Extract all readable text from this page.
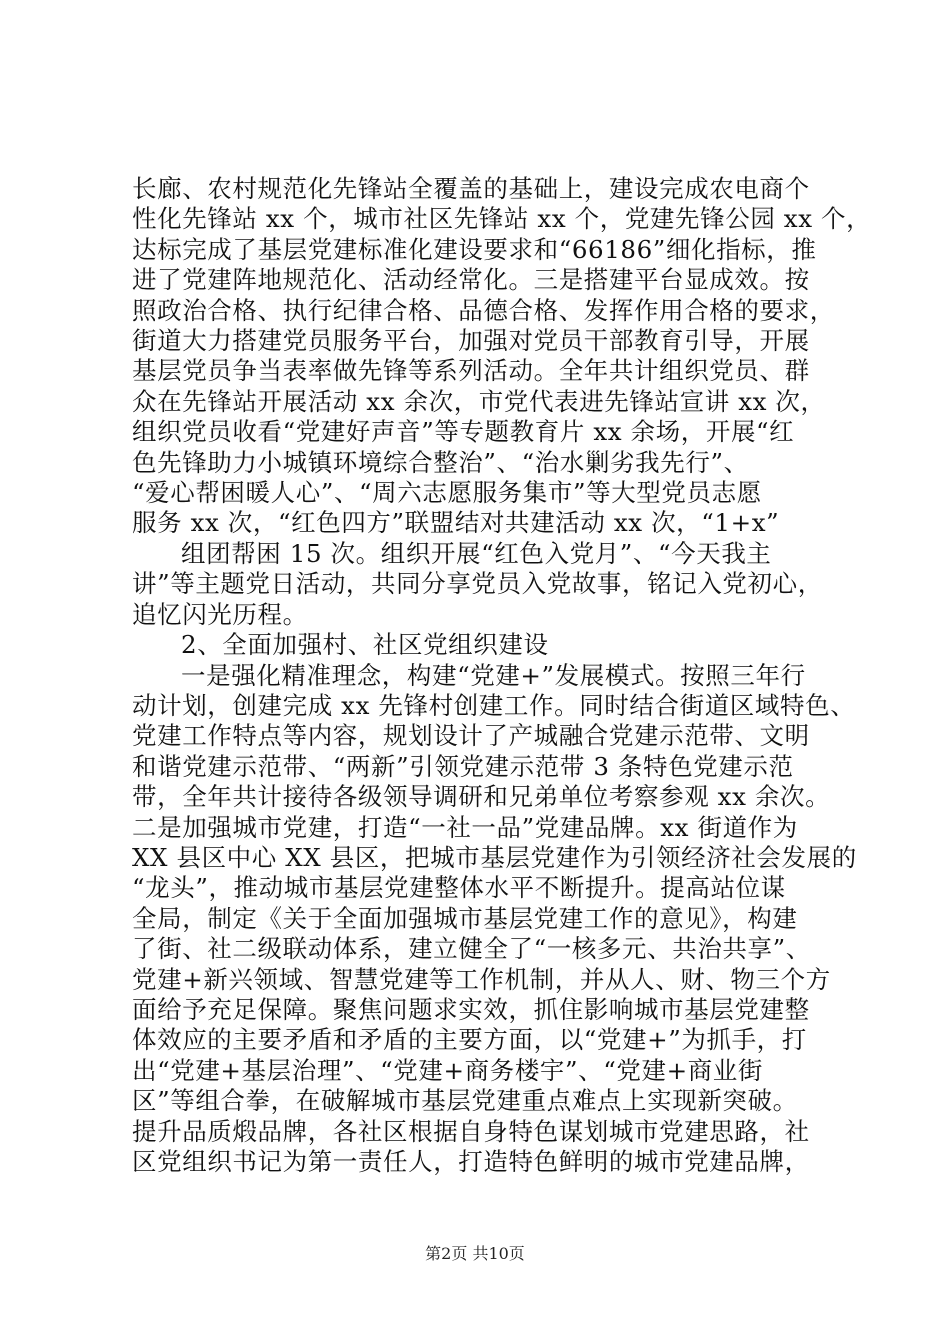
长廊、农村规范化先锋站全覆盖的基础上，建设完成农电商个
性化先锋站 xx 个，城市社区先锋站 xx 个，党建先锋公园 xx 个，
达标完成了基层党建标准化建设要求和“66186”细化指标，推
进了党建阵地规范化、活动经常化。三是搭建平台显成效。按
照政治合格、执行纪律合格、品德合格、发挥作用合格的要求，
街道大力搭建党员服务平台，加强对党员干部教育引导，开展
基层党员争当表率做先锋等系列活动。全年共计组织党员、群
众在先锋站开展活动 xx 余次，市党代表进先锋站宣讲 xx 次，
组织党员收看“党建好声音”等专题教育片 xx 余场，开展“红
色先锋助力小城镇环境综合整治”、“治水剿劣我先行”、
“爱心帮困暖人心”、“周六志愿服务集市”等大型党员志愿
服务 xx 次，“红色四方”联盟结对共建活动 xx 次，“1+x”
组团帮困 15 次。组织开展“红色入党月”、“今天我主
讲”等主题党日活动，共同分享党员入党故事，铭记入党初心，
追忆闪光历程。
2、全面加强村、社区党组织建设
一是强化精准理念，构建“党建+”发展模式。按照三年行
动计划，创建完成 xx 先锋村创建工作。同时结合街道区域特色、
党建工作特点等内容，规划设计了产城融合党建示范带、文明
和谐党建示范带、“两新”引领党建示范带 3 条特色党建示范
带，全年共计接待各级领导调研和兄弟单位考察参观 xx 余次。
二是加强城市党建，打造“一社一品”党建品牌。xx 街道作为
XX 县区中心 XX 县区，把城市基层党建作为引领经济社会发展的
“龙头”，推动城市基层党建整体水平不断提升。提高站位谋
全局，制定《关于全面加强城市基层党建工作的意见》，构建
了街、社二级联动体系，建立健全了“一核多元、共治共享”、
党建+新兴领域、智慧党建等工作机制，并从人、财、物三个方
面给予充足保障。聚焦问题求实效，抓住影响城市基层党建整
体效应的主要矛盾和矛盾的主要方面，以“党建+”为抓手，打
出“党建+基层治理”、“党建+商务楼宇”、“党建+商业街
区”等组合拳，在破解城市基层党建重点难点上实现新突破。
提升品质煅品牌，各社区根据自身特色谋划城市党建思路，社
区党组织书记为第一责任人，打造特色鲜明的城市党建品牌，
第2页 共10页
